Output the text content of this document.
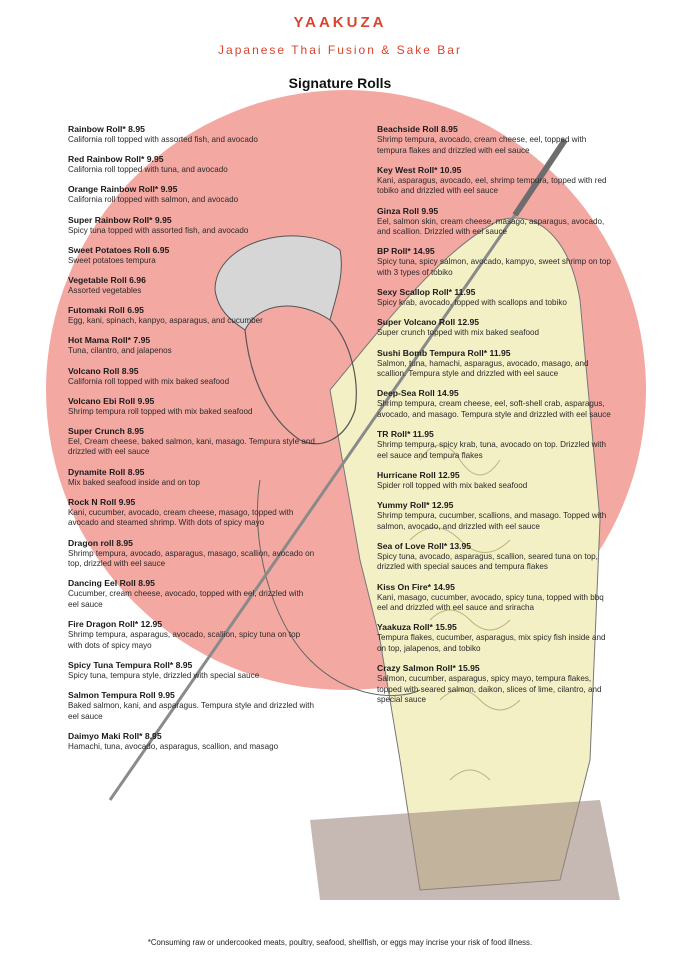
YAAKUZA
Japanese Thai Fusion & Sake Bar
Signature Rolls
Rainbow Roll* 8.95
California roll topped with assorted fish, and avocado
Red Rainbow Roll* 9.95
California roll topped with tuna, and avocado
Orange Rainbow Roll* 9.95
California roll topped with salmon, and avocado
Super Rainbow Roll* 9.95
Spicy tuna topped with assorted fish, and avocado
Sweet Potatoes Roll 6.95
Sweet potatoes tempura
Vegetable Roll 6.96
Assorted vegetables
Futomaki Roll 6.95
Egg, kani, spinach, kanpyo, asparagus, and cucumber
Hot Mama Roll* 7.95
Tuna, cilantro, and jalapenos
Volcano Roll 8.95
California roll topped with mix baked seafood
Volcano Ebi Roll 9.95
Shrimp tempura roll topped with mix baked seafood
Super Crunch 8.95
Eel, Cream cheese, baked salmon, kani, masago. Tempura style and drizzled with eel sauce
Dynamite Roll 8.95
Mix baked seafood inside and on top
Rock N Roll 9.95
Kani, cucumber, avocado, cream cheese, masago, topped with avocado and steamed shrimp. With dots of spicy mayo
Dragon roll 8.95
Shrimp tempura, avocado, asparagus, masago, scallion, avocado on top, drizzled with eel sauce
Dancing Eel Roll 8.95
Cucumber, cream cheese, avocado, topped with eel, drizzled with eel sauce
Fire Dragon Roll* 12.95
Shrimp tempura, asparagus, avocado, scallion, spicy tuna on top with dots of spicy mayo
Spicy Tuna Tempura Roll* 8.95
Spicy tuna, tempura style, drizzled with special sauce
Salmon Tempura Roll 9.95
Baked salmon, kani, and asparagus. Tempura style and drizzled with eel sauce
Daimyo Maki Roll* 8.95
Hamachi, tuna, avocado, asparagus, scallion, and masago
Beachside Roll 8.95
Shrimp tempura, avocado, cream cheese, eel, topped with tempura flakes and drizzled with eel sauce
Key West Roll* 10.95
Kani, asparagus, avocado, eel, shrimp tempura, topped with red tobiko and drizzled with eel sauce
Ginza Roll 9.95
Eel, salmon skin, cream cheese, masago, asparagus, avocado, and scallion. Drizzled with eel sauce
BP Roll* 14.95
Spicy tuna, spicy salmon, avocado, kampyo, sweet shrimp on top with 3 types of tobiko
Sexy Scallop Roll* 11.95
Spicy krab, avocado, topped with scallops and tobiko
Super Volcano Roll 12.95
Super crunch topped with mix baked seafood
Sushi Bomb Tempura Roll* 11.95
Salmon, tuna, hamachi, asparagus, avocado, masago, and scallion. Tempura style and drizzled with eel sauce
Deep-Sea Roll 14.95
Shrimp tempura, cream cheese, eel, soft-shell crab, asparagus, avocado, and masago. Tempura style and drizzled with eel sauce
TR Roll* 11.95
Shrimp tempura, spicy krab, tuna, avocado on top. Drizzled with eel sauce and tempura flakes
Hurricane Roll 12.95
Spider roll topped with mix baked seafood
Yummy Roll* 12.95
Shrimp tempura, cucumber, scallions, and masago. Topped with salmon, avocado, and drizzled with eel sauce
Sea of Love Roll* 13.95
Spicy tuna, avocado, asparagus, scallion, seared tuna on top, drizzled with special sauces and tempura flakes
Kiss On Fire* 14.95
Kani, masago, cucumber, avocado, spicy tuna, topped with bbq eel and drizzled with eel sauce and sriracha
Yaakuza Roll* 15.95
Tempura flakes, cucumber, asparagus, mix spicy fish inside and on top, jalapenos, and tobiko
Crazy Salmon Roll* 15.95
Salmon, cucumber, asparagus, spicy mayo, tempura flakes, topped with seared salmon, daikon, slices of lime, cilantro, and special sauce
*Consuming raw or undercooked meats, poultry, seafood, shellfish, or eggs may incrise your risk of food illness.
